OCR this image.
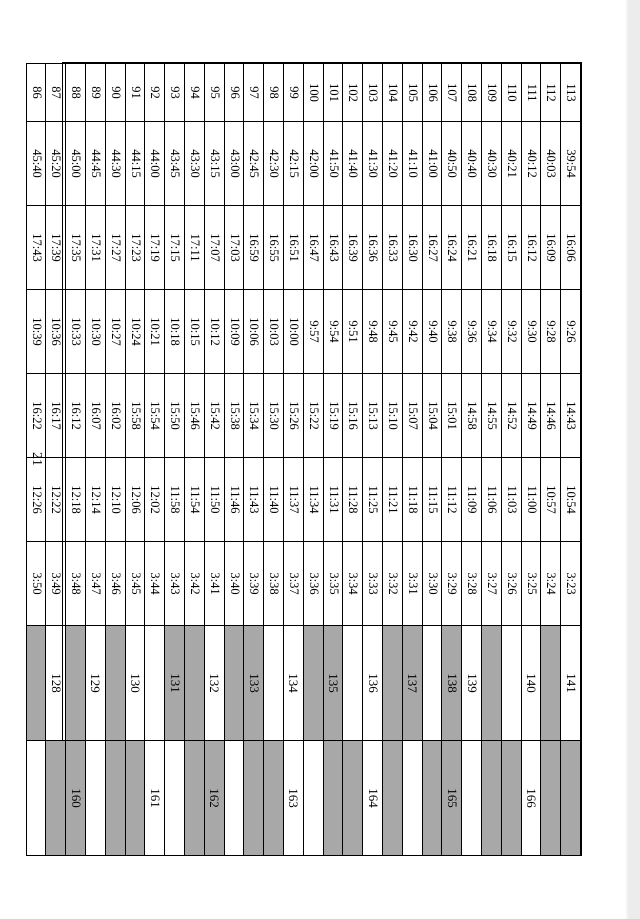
21
113	39:54	16:06	9:26	14:43	10:54	3:23	141	
112	40:03	16:09	9:28	14:46	10:57	3:24		
111	40:12	16:12	9:30	14:49	11:00	3:25	140	166
110	40:21	16:15	9:32	14:52	11:03	3:26		
109	40:30	16:18	9:34	14:55	11:06	3:27		
108	40:40	16:21	9:36	14:58	11:09	3:28	139	
107	40:50	16:24	9:38	15:01	11:12	3:29	138	165
106	41:00	16:27	9:40	15:04	11:15	3:30		
105	41:10	16:30	9:42	15:07	11:18	3:31	137	
104	41:20	16:33	9:45	15:10	11:21	3:32		
103	41:30	16:36	9:48	15:13	11:25	3:33	136	164
102	41:40	16:39	9:51	15:16	11:28	3:34		
101	41:50	16:43	9:54	15:19	11:31	3:35	135	
100	42:00	16:47	9:57	15:22	11:34	3:36		
99	42:15	16:51	10:00	15:26	11:37	3:37	134	163
98	42:30	16:55	10:03	15:30	11:40	3:38		
97	42:45	16:59	10:06	15:34	11:43	3:39	133	
96	43:00	17:03	10:09	15:38	11:46	3:40		
95	43:15	17:07	10:12	15:42	11:50	3:41	132	162
94	43:30	17:11	10:15	15:46	11:54	3:42		
93	43:45	17:15	10:18	15:50	11:58	3:43	131	
92	44:00	17:19	10:21	15:54	12:02	3:44		161
91	44:15	17:23	10:24	15:58	12:06	3:45	130	
90	44:30	17:27	10:27	16:02	12:10	3:46		
89	44:45	17:31	10:30	16:07	12:14	3:47	129	
88	45:00	17:35	10:33	16:12	12:18	3:48		160
87	45:20	17:39	10:36	16:17	12:22	3:49	128	
86	45:40	17:43	10:39	16:22	12:26	3:50		
